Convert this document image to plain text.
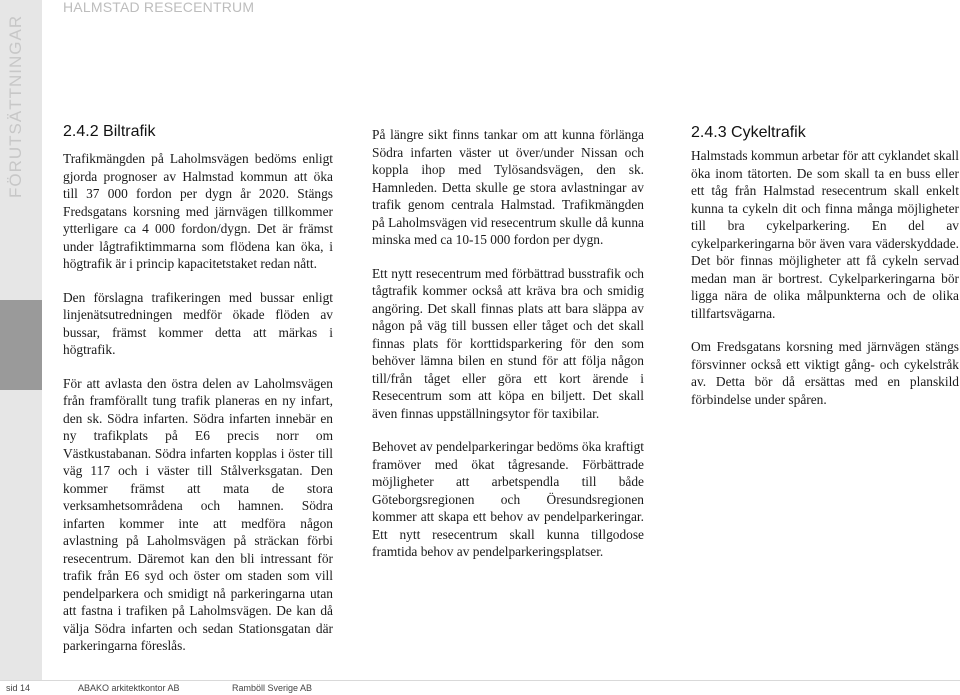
FÖRUTSÄTTNINGAR
HALMSTAD RESECENTRUM
2.4.2 Biltrafik

Trafikmängden på Laholmsvägen bedöms enligt gjorda prognoser av Halmstad kommun att öka till 37 000 fordon per dygn år 2020. Stängs Fredsgatans korsning med järnvägen tillkommer ytterligare ca 4 000 fordon/dygn. Det är främst under lågtrafiktimmarna som flödena kan öka, i högtrafik är i princip kapacitetstaket redan nått.

Den förslagna trafikeringen med bussar enligt linjenätsutredningen medför ökade flöden av bussar, främst kommer detta att märkas i högtrafik.

För att avlasta den östra delen av Laholmsvägen från framförallt tung trafik planeras en ny infart, den sk. Södra infarten. Södra infarten innebär en ny trafikplats på E6 precis norr om Västkustabanan. Södra infarten kopplas i öster till väg 117 och i väster till Stålverksgatan. Den kommer främst att mata de stora verksamhetsområdena och hamnen. Södra infarten kommer inte att medföra någon avlastning på Laholmsvägen på sträckan förbi resecentrum. Däremot kan den bli intressant för trafik från E6 syd och öster om staden som vill pendelparkera och smidigt nå parkeringarna utan att fastna i trafiken på Laholmsvägen. De kan då välja Södra infarten och sedan Stationsgatan där parkeringarna föreslås.

På längre sikt finns tankar om att kunna förlänga Södra infarten väster ut över/under Nissan och koppla ihop med Tylösandsvägen, den sk. Hamnleden. Detta skulle ge stora avlastningar av trafik genom centrala Halmstad. Trafikmängden på Laholmsvägen vid resecentrum skulle då kunna minska med ca 10-15 000 fordon per dygn.

Ett nytt resecentrum med förbättrad busstrafik och tågtrafik kommer också att kräva bra och smidig angöring. Det skall finnas plats att bara släppa av någon på väg till bussen eller tåget och det skall finnas plats för korttidsparkering för den som behöver lämna bilen en stund för att följa någon till/från tåget eller göra ett kort ärende i Resecentrum som att köpa en biljett. Det skall även finnas uppställningsytor för taxibilar.

Behovet av pendelparkeringar bedöms öka kraftigt framöver med ökat tågresande. Förbättrade möjligheter att arbetspendla till både Göteborgsregionen och Öresundsregionen kommer att skapa ett behov av pendelparkeringar. Ett nytt resecentrum skall kunna tillgodose framtida behov av pendelparkeringsplatser.

2.4.3 Cykeltrafik

Halmstads kommun arbetar för att cyklandet skall öka inom tätorten. De som skall ta en buss eller ett tåg från Halmstad resecentrum skall enkelt kunna ta cykeln dit och finna många möjligheter till bra cykelparkering. En del av cykelparkeringarna bör även vara väderskyddade. Det bör finnas möjligheter att få cykeln servad medan man är bortrest. Cykelparkeringarna bör ligga nära de olika målpunkterna och de olika tillfartsvägarna.

Om Fredsgatans korsning med järnvägen stängs försvinner också ett viktigt gång- och cykelstråk av. Detta bör då ersättas med en planskild förbindelse under spåren.

sid 14	ABAKO arkitektkontor AB	Ramböll Sverige AB
